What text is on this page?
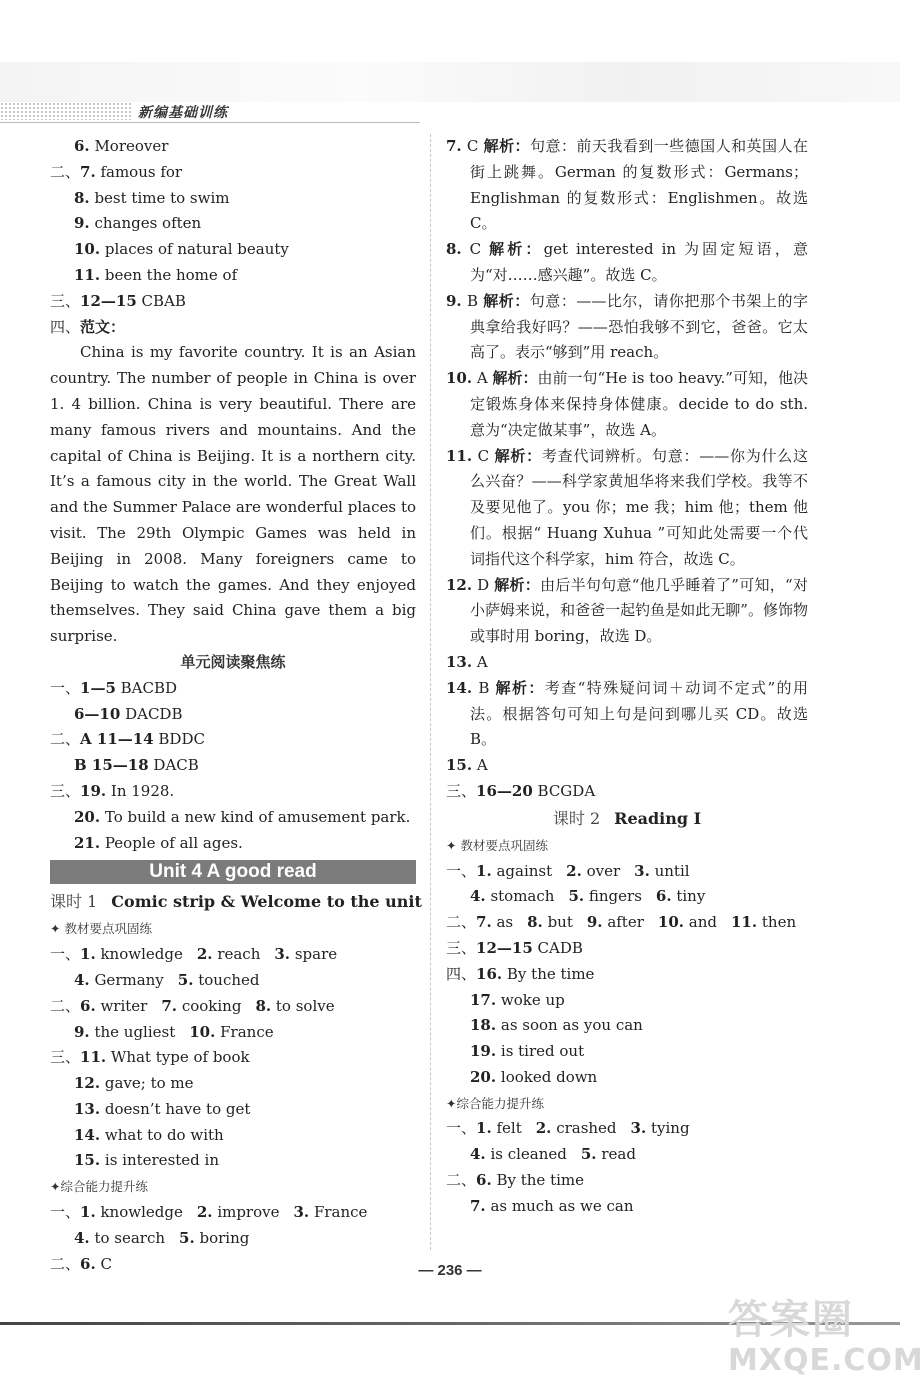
新编基础训练
6. Moreover
二、7. famous for
8. best time to swim
9. changes often
10. places of natural beauty
11. been the home of
三、12—15 CBAB
四、范文：

China is my favorite country. It is an Asian country. The number of people in China is over 1. 4 billion. China is very beautiful. There are many famous rivers and mountains. And the capital of China is Beijing. It is a northern city. It’s a famous city in the world. The Great Wall and the Summer Palace are wonderful places to visit. The 29th Olympic Games was held in Beijing in 2008. Many foreigners came to Beijing to watch the games. And they enjoyed themselves. They said China gave them a big surprise.

单元阅读聚焦练
一、1—5 BACBD
6—10 DACDB
二、A 11—14 BDDC
B 15—18 DACB
三、19. In 1928.
20. To build a new kind of amusement park.
21. People of all ages.
Unit 4 A good read
课时 1 Comic strip & Welcome to the unit
✦ 教材要点巩固练
一、1. knowledge 2. reach 3. spare
4. Germany 5. touched
二、6. writer 7. cooking 8. to solve
9. the ugliest 10. France
三、11. What type of book
12. gave; to me
13. doesn’t have to get
14. what to do with
15. is interested in
✦综合能力提升练
一、1. knowledge 2. improve 3. France
4. to search 5. boring
二、6. C
7. C 解析：句意：前天我看到一些德国人和英国人在街上跳舞。German 的复数形式：Germans；Englishman 的复数形式：Englishmen。故选 C。
8. C 解析：get interested in 为固定短语，意为“对……感兴趣”。故选 C。
9. B 解析：句意：——比尔，请你把那个书架上的字典拿给我好吗？——恐怕我够不到它，爸爸。它太高了。表示“够到”用 reach。
10. A 解析：由前一句“He is too heavy.”可知，他决定锻炼身体来保持身体健康。decide to do sth. 意为“决定做某事”，故选 A。
11. C 解析：考查代词辨析。句意：——你为什么这么兴奋？——科学家黄旭华将来我们学校。我等不及要见他了。you 你；me 我；him 他；them 他们。根据“ Huang Xuhua ”可知此处需要一个代词指代这个科学家，him 符合，故选 C。
12. D 解析：由后半句句意“他几乎睡着了”可知，“对小萨姆来说，和爸爸一起钓鱼是如此无聊”。修饰物或事时用 boring，故选 D。
13. A
14. B 解析：考查“特殊疑问词＋动词不定式”的用法。根据答句可知上句是问到哪儿买 CD。故选 B。
15. A
三、16—20 BCGDA
课时 2 Reading Ⅰ
✦ 教材要点巩固练
一、1. against 2. over 3. until
4. stomach 5. fingers 6. tiny
二、7. as 8. but 9. after 10. and 11. then
三、12—15 CADB
四、16. By the time
17. woke up
18. as soon as you can
19. is tired out
20. looked down
✦综合能力提升练
一、1. felt 2. crashed 3. tying
4. is cleaned 5. read
二、6. By the time
7. as much as we can
— 236 —
答案圈
MXQE.COM
